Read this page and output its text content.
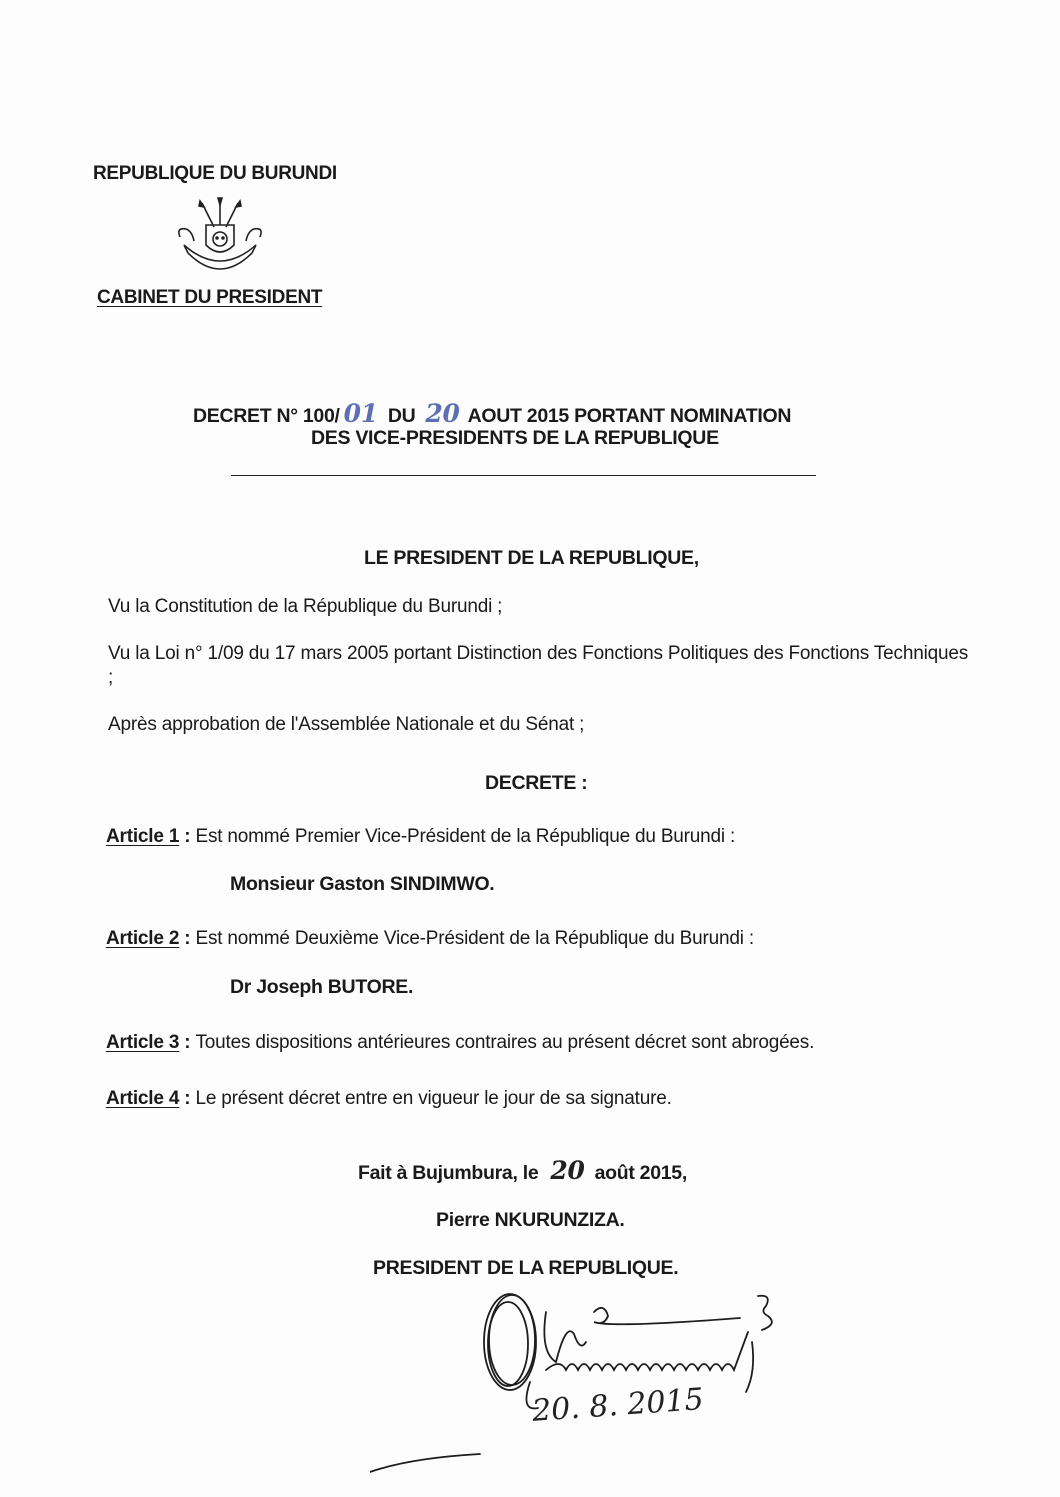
REPUBLIQUE DU BURUNDI
CABINET DU PRESIDENT
DECRET N° 100/ 01 DU 20 AOUT 2015 PORTANT NOMINATION
DES VICE-PRESIDENTS DE LA REPUBLIQUE
LE PRESIDENT DE LA REPUBLIQUE,
Vu la Constitution de la République du Burundi ;
Vu la Loi n° 1/09 du 17 mars 2005 portant Distinction des Fonctions Politiques des Fonctions Techniques ;
Après approbation de l'Assemblée Nationale et du Sénat ;
DECRETE :
Article 1 : Est nommé Premier Vice-Président de la République du Burundi :
Monsieur Gaston SINDIMWO.
Article 2 : Est nommé Deuxième Vice-Président de la République du Burundi :
Dr Joseph BUTORE.
Article 3 : Toutes dispositions antérieures contraires au présent décret sont abrogées.
Article 4 : Le présent décret entre en vigueur le jour de sa signature.
Fait à Bujumbura, le 20 août 2015,
Pierre NKURUNZIZA.
PRESIDENT DE LA REPUBLIQUE.
20. 8. 2015
